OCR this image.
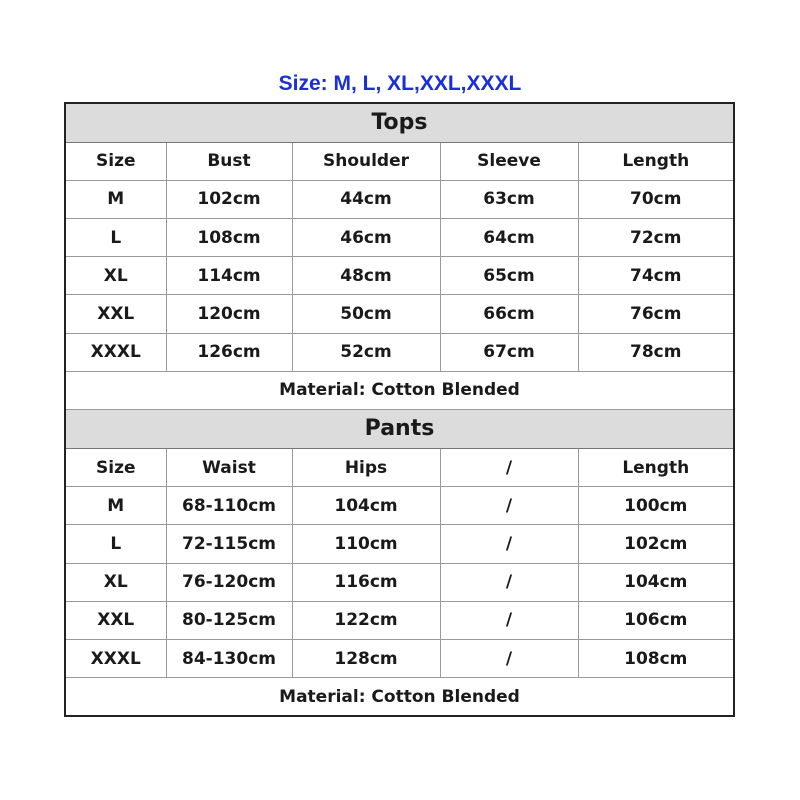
Size: M, L, XL,XXL,XXXL
Tops				
Size	Bust	Shoulder	Sleeve	Length
M	102cm	44cm	63cm	70cm
L	108cm	46cm	64cm	72cm
XL	114cm	48cm	65cm	74cm
XXL	120cm	50cm	66cm	76cm
XXXL	126cm	52cm	67cm	78cm
Material: Cotton Blended				
Pants				
Size	Waist	Hips	/	Length
M	68-110cm	104cm	/	100cm
L	72-115cm	110cm	/	102cm
XL	76-120cm	116cm	/	104cm
XXL	80-125cm	122cm	/	106cm
XXXL	84-130cm	128cm	/	108cm
Material: Cotton Blended				
